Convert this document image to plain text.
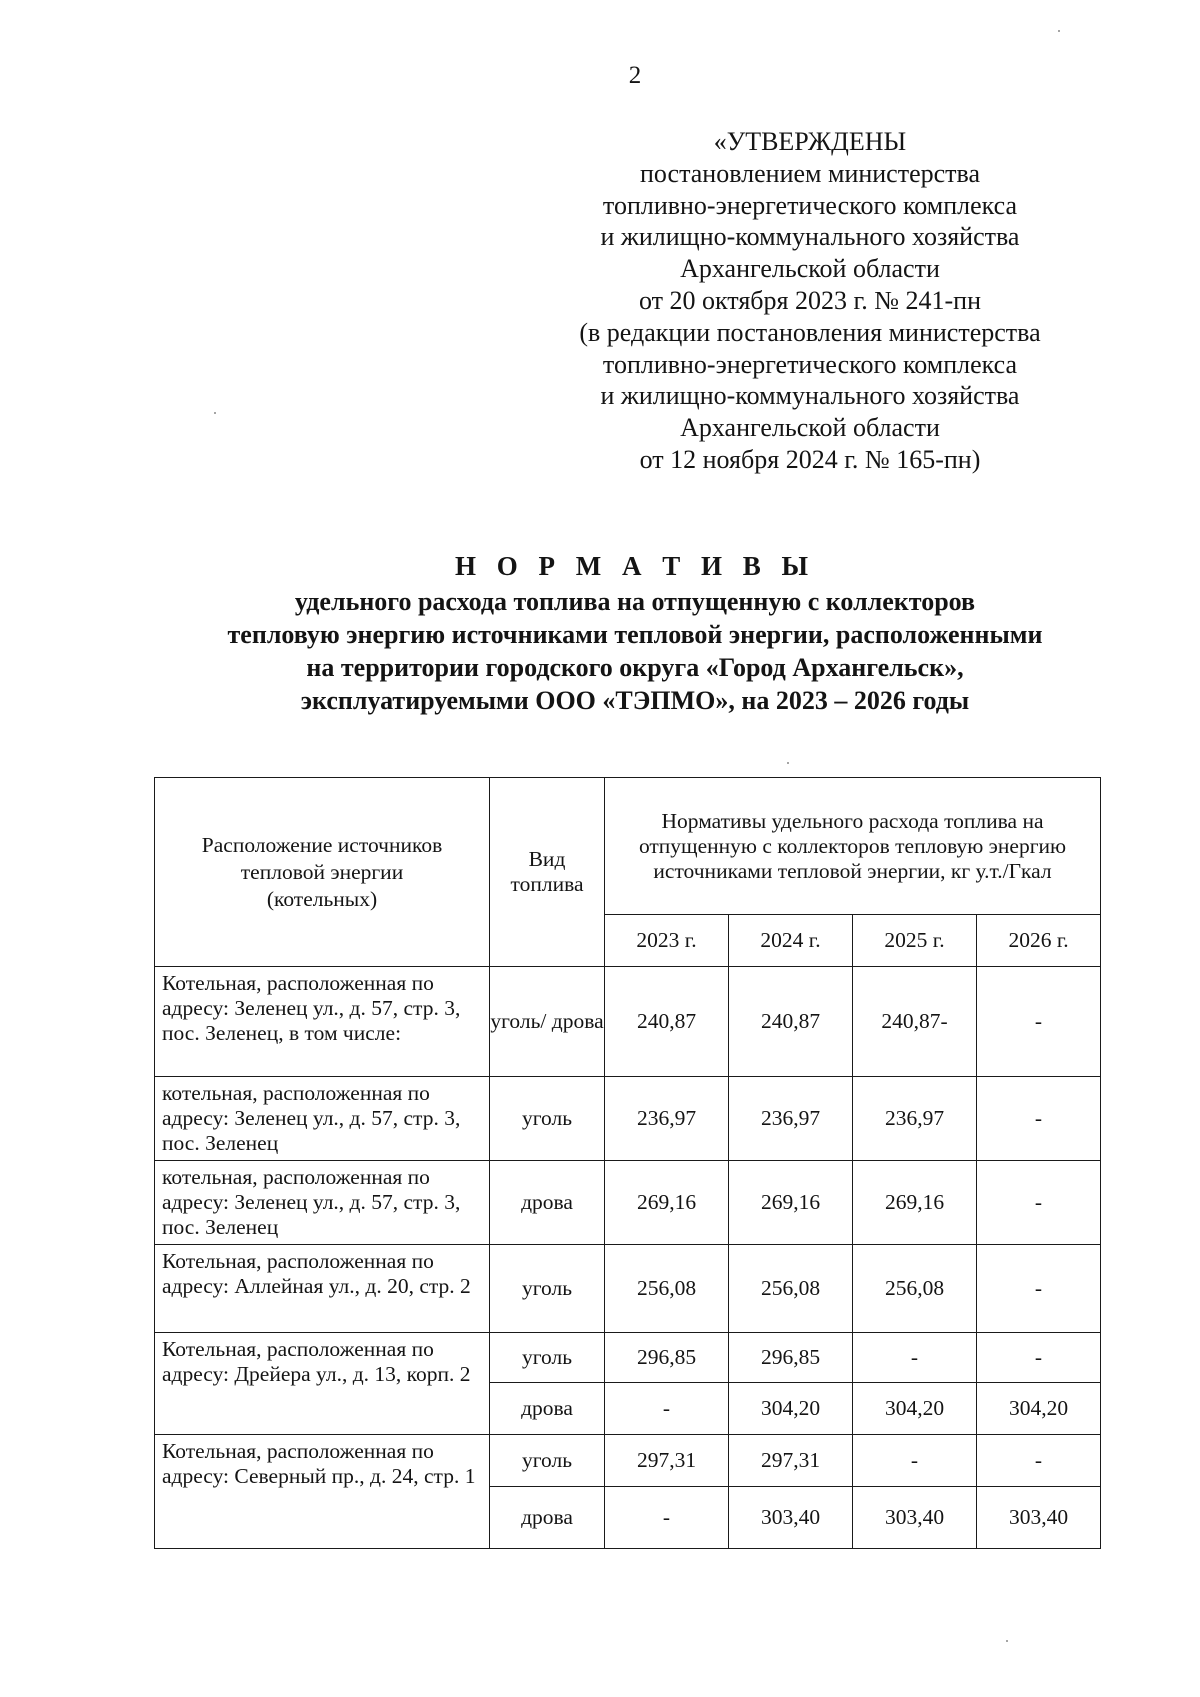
2
«УТВЕРЖДЕНЫ
постановлением министерства
топливно-энергетического комплекса
и жилищно-коммунального хозяйства
Архангельской области
от 20 октября 2023 г. № 241-пн
(в редакции постановления министерства
топливно-энергетического комплекса
и жилищно-коммунального хозяйства
Архангельской области
от 12 ноября 2024 г. № 165-пн)
Н О Р М А Т И В Ы
удельного расхода топлива на отпущенную с коллекторов
тепловую энергию источниками тепловой энергии, расположенными
на территории городского округа «Город Архангельск»,
эксплуатируемыми ООО «ТЭПМО», на 2023 – 2026 годы
Расположение источников тепловой энергии (котельных)	Вид топлива	Нормативы удельного расхода топлива на отпущенную с коллекторов тепловую энергию источниками тепловой энергии, кг у.т./Гкал			

		2023 г.	2024 г.	2025 г.	2026 г.
Котельная, расположенная по адресу: Зеленец ул., д. 57, стр. 3, пос. Зеленец, в том числе:	уголь/ дрова	240,87	240,87	240,87-	-
котельная, расположенная по адресу: Зеленец ул., д. 57, стр. 3, пос. Зеленец	уголь	236,97	236,97	236,97	-
котельная, расположенная по адресу: Зеленец ул., д. 57, стр. 3, пос. Зеленец	дрова	269,16	269,16	269,16	-
Котельная, расположенная по адресу: Аллейная ул., д. 20, стр. 2	уголь	256,08	256,08	256,08	-
Котельная, расположенная по адресу: Дрейера ул., д. 13, корп. 2	уголь	296,85	296,85	-	-
	дрова	-	304,20	304,20	304,20
Котельная, расположенная по адресу: Северный пр., д. 24, стр. 1	уголь	297,31	297,31	-	-
	дрова	-	303,40	303,40	303,40
